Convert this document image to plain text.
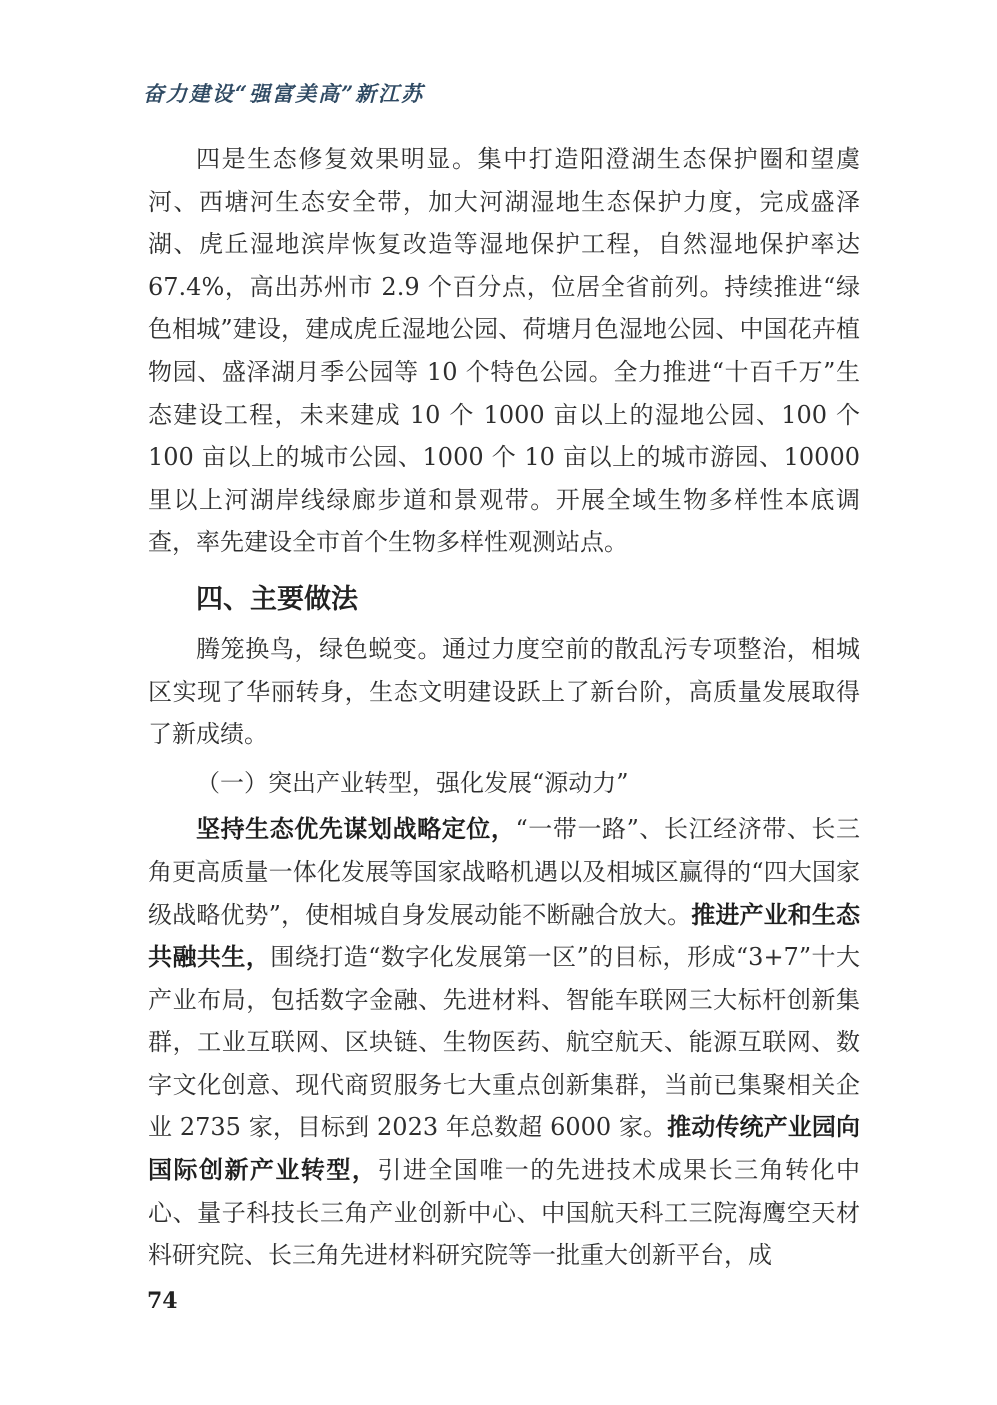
奋力建设“强富美高”新江苏

四是生态修复效果明显。集中打造阳澄湖生态保护圈和望虞河、西塘河生态安全带，加大河湖湿地生态保护力度，完成盛泽湖、虎丘湿地滨岸恢复改造等湿地保护工程，自然湿地保护率达67.4%，高出苏州市 2.9 个百分点，位居全省前列。持续推进“绿色相城”建设，建成虎丘湿地公园、荷塘月色湿地公园、中国花卉植物园、盛泽湖月季公园等 10 个特色公园。全力推进“十百千万”生态建设工程，未来建成 10 个 1000 亩以上的湿地公园、100 个 100 亩以上的城市公园、1000 个 10 亩以上的城市游园、10000 里以上河湖岸线绿廊步道和景观带。开展全域生物多样性本底调查，率先建设全市首个生物多样性观测站点。

四、主要做法

腾笼换鸟，绿色蜕变。通过力度空前的散乱污专项整治，相城区实现了华丽转身，生态文明建设跃上了新台阶，高质量发展取得了新成绩。

（一）突出产业转型，强化发展“源动力”

坚持生态优先谋划战略定位，“一带一路”、长江经济带、长三角更高质量一体化发展等国家战略机遇以及相城区赢得的“四大国家级战略优势”，使相城自身发展动能不断融合放大。推进产业和生态共融共生，围绕打造“数字化发展第一区”的目标，形成“3+7”十大产业布局，包括数字金融、先进材料、智能车联网三大标杆创新集群，工业互联网、区块链、生物医药、航空航天、能源互联网、数字文化创意、现代商贸服务七大重点创新集群，当前已集聚相关企业 2735 家，目标到 2023 年总数超 6000 家。推动传统产业园向国际创新产业转型，引进全国唯一的先进技术成果长三角转化中心、量子科技长三角产业创新中心、中国航天科工三院海鹰空天材料研究院、长三角先进材料研究院等一批重大创新平台，成

74
